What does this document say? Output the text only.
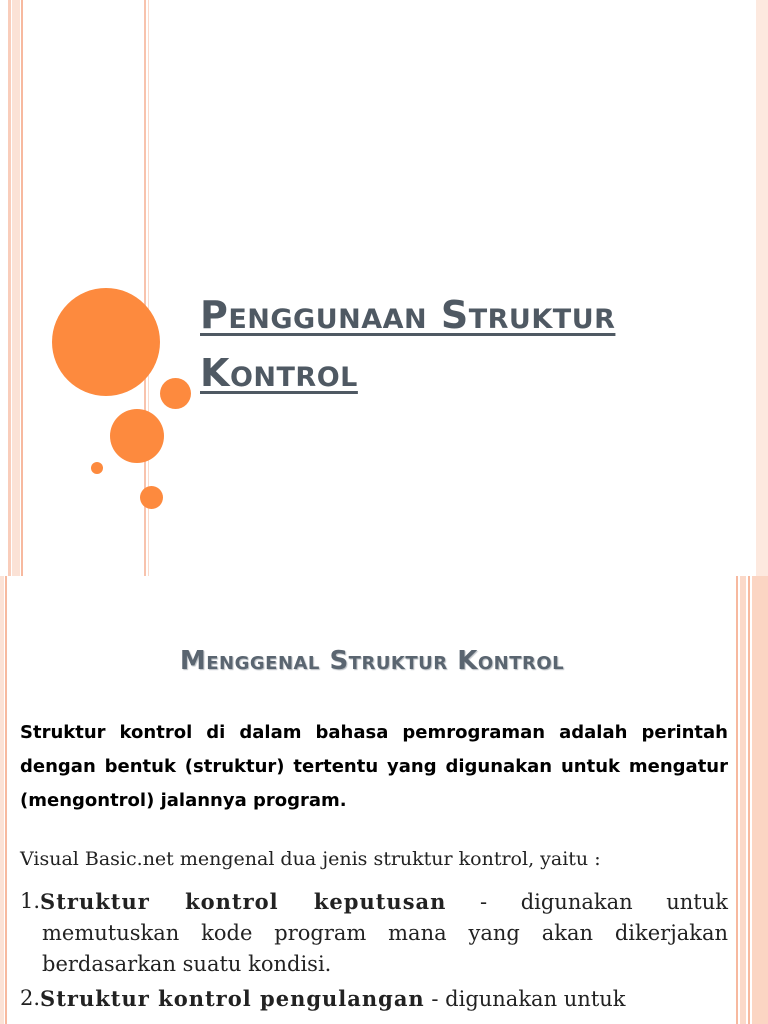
Penggunaan Struktur Kontrol
Menggenal Struktur Kontrol

Struktur kontrol di dalam bahasa pemrograman adalah perintah dengan bentuk (struktur) tertentu yang digunakan untuk mengatur (mengontrol) jalannya program.

Visual Basic.net mengenal dua jenis struktur kontrol, yaitu :

1. Struktur kontrol keputusan - digunakan untuk
memutuskan kode program mana yang akan dikerjakan
berdasarkan suatu kondisi.
2. Struktur kontrol pengulangan - digunakan untuk
